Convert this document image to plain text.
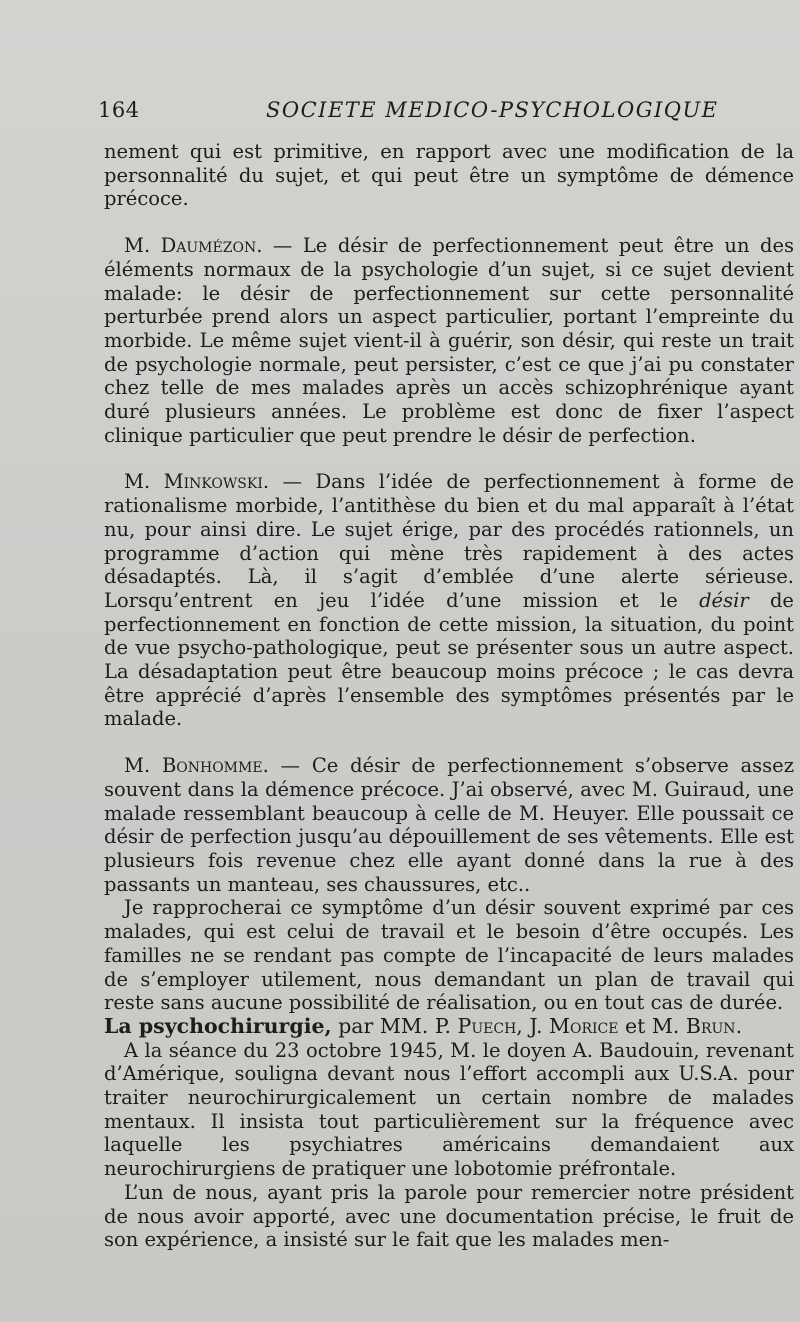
164	SOCIETE MEDICO-PSYCHOLOGIQUE

nement qui est primitive, en rapport avec une modification de la personnalité du sujet, et qui peut être un symptôme de démence précoce.

M. Daumézon. — Le désir de perfectionnement peut être un des éléments normaux de la psychologie d’un sujet, si ce sujet devient malade: le désir de perfectionnement sur cette personnalité perturbée prend alors un aspect particulier, portant l’empreinte du morbide. Le même sujet vient-il à guérir, son désir, qui reste un trait de psychologie normale, peut persister, c’est ce que j’ai pu constater chez telle de mes malades après un accès schizophrénique ayant duré plusieurs années. Le problème est donc de fixer l’aspect clinique particulier que peut prendre le désir de perfection.

M. Minkowski. — Dans l’idée de perfectionnement à forme de rationalisme morbide, l’antithèse du bien et du mal apparaît à l’état nu, pour ainsi dire. Le sujet érige, par des procédés rationnels, un programme d’action qui mène très rapidement à des actes désadaptés. Là, il s’agit d’emblée d’une alerte sérieuse. Lorsqu’entrent en jeu l’idée d’une mission et le désir de perfectionnement en fonction de cette mission, la situation, du point de vue psycho-pathologique, peut se présenter sous un autre aspect. La désadaptation peut être beaucoup moins précoce ; le cas devra être apprécié d’après l’ensemble des symptômes présentés par le malade.

M. Bonhomme. — Ce désir de perfectionnement s’observe assez souvent dans la démence précoce. J’ai observé, avec M. Guiraud, une malade ressemblant beaucoup à celle de M. Heuyer. Elle poussait ce désir de perfection jusqu’au dépouillement de ses vêtements. Elle est plusieurs fois revenue chez elle ayant donné dans la rue à des passants un manteau, ses chaussures, etc..

Je rapprocherai ce symptôme d’un désir souvent exprimé par ces malades, qui est celui de travail et le besoin d’être occupés. Les familles ne se rendant pas compte de l’incapacité de leurs malades de s’employer utilement, nous demandant un plan de travail qui reste sans aucune possibilité de réalisation, ou en tout cas de durée.

La psychochirurgie, par MM. P. Puech, J. Morice et M. Brun.

A la séance du 23 octobre 1945, M. le doyen A. Baudouin, revenant d’Amérique, souligna devant nous l’effort accompli aux U.S.A. pour traiter neurochirurgicalement un certain nombre de malades mentaux. Il insista tout particulièrement sur la fréquence avec laquelle les psychiatres américains demandaient aux neurochirurgiens de pratiquer une lobotomie préfrontale.

L’un de nous, ayant pris la parole pour remercier notre président de nous avoir apporté, avec une documentation précise, le fruit de son expérience, a insisté sur le fait que les malades men-
